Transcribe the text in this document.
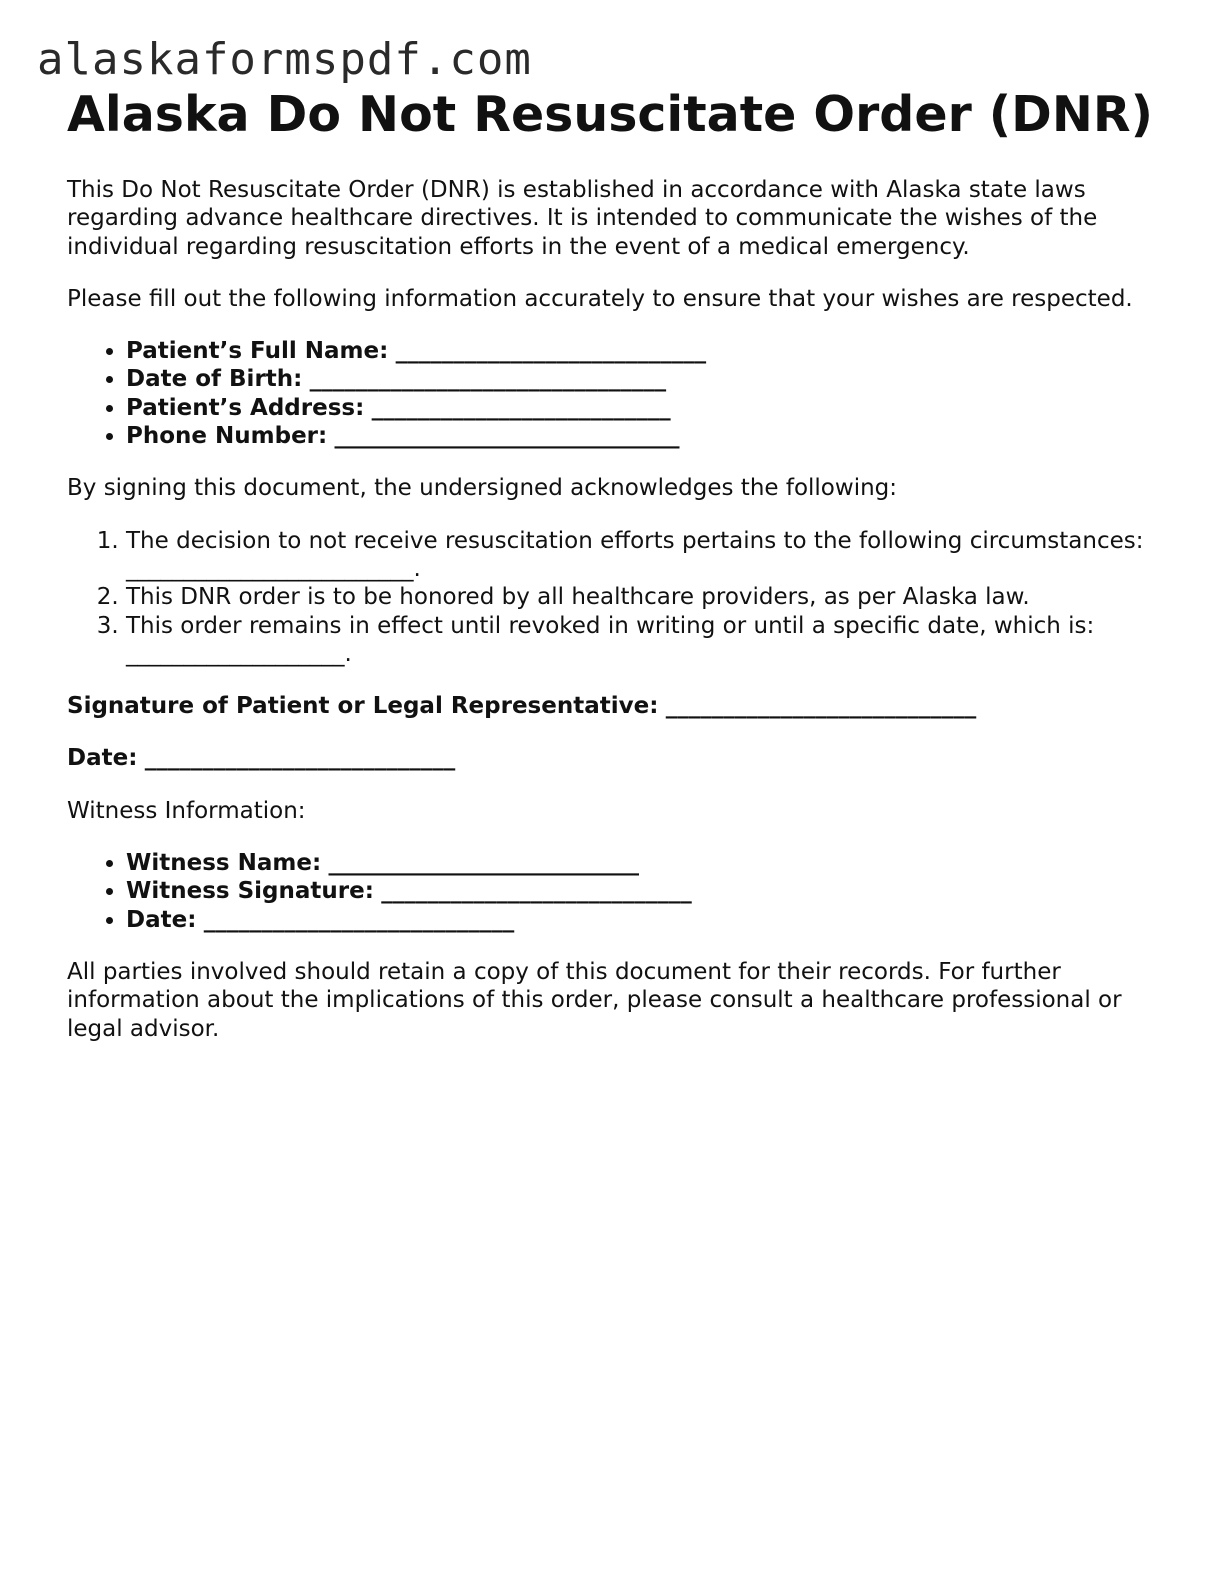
alaskaformspdf.com
Alaska Do Not Resuscitate Order (DNR)

This Do Not Resuscitate Order (DNR) is established in accordance with Alaska state laws regarding advance healthcare directives. It is intended to communicate the wishes of the individual regarding resuscitation efforts in the event of a medical emergency.

Please fill out the following information accurately to ensure that your wishes are respected.

• Patient’s Full Name: ___________________________
• Date of Birth: _______________________________
• Patient’s Address: __________________________
• Phone Number: ______________________________

By signing this document, the undersigned acknowledges the following:

1. The decision to not receive resuscitation efforts pertains to the following circumstances: _________________________.
2. This DNR order is to be honored by all healthcare providers, as per Alaska law.
3. This order remains in effect until revoked in writing or until a specific date, which is: ___________________.

Signature of Patient or Legal Representative: ___________________________

Date: ___________________________

Witness Information:

• Witness Name: ___________________________
• Witness Signature: ___________________________
• Date: ___________________________

All parties involved should retain a copy of this document for their records. For further information about the implications of this order, please consult a healthcare professional or legal advisor.
